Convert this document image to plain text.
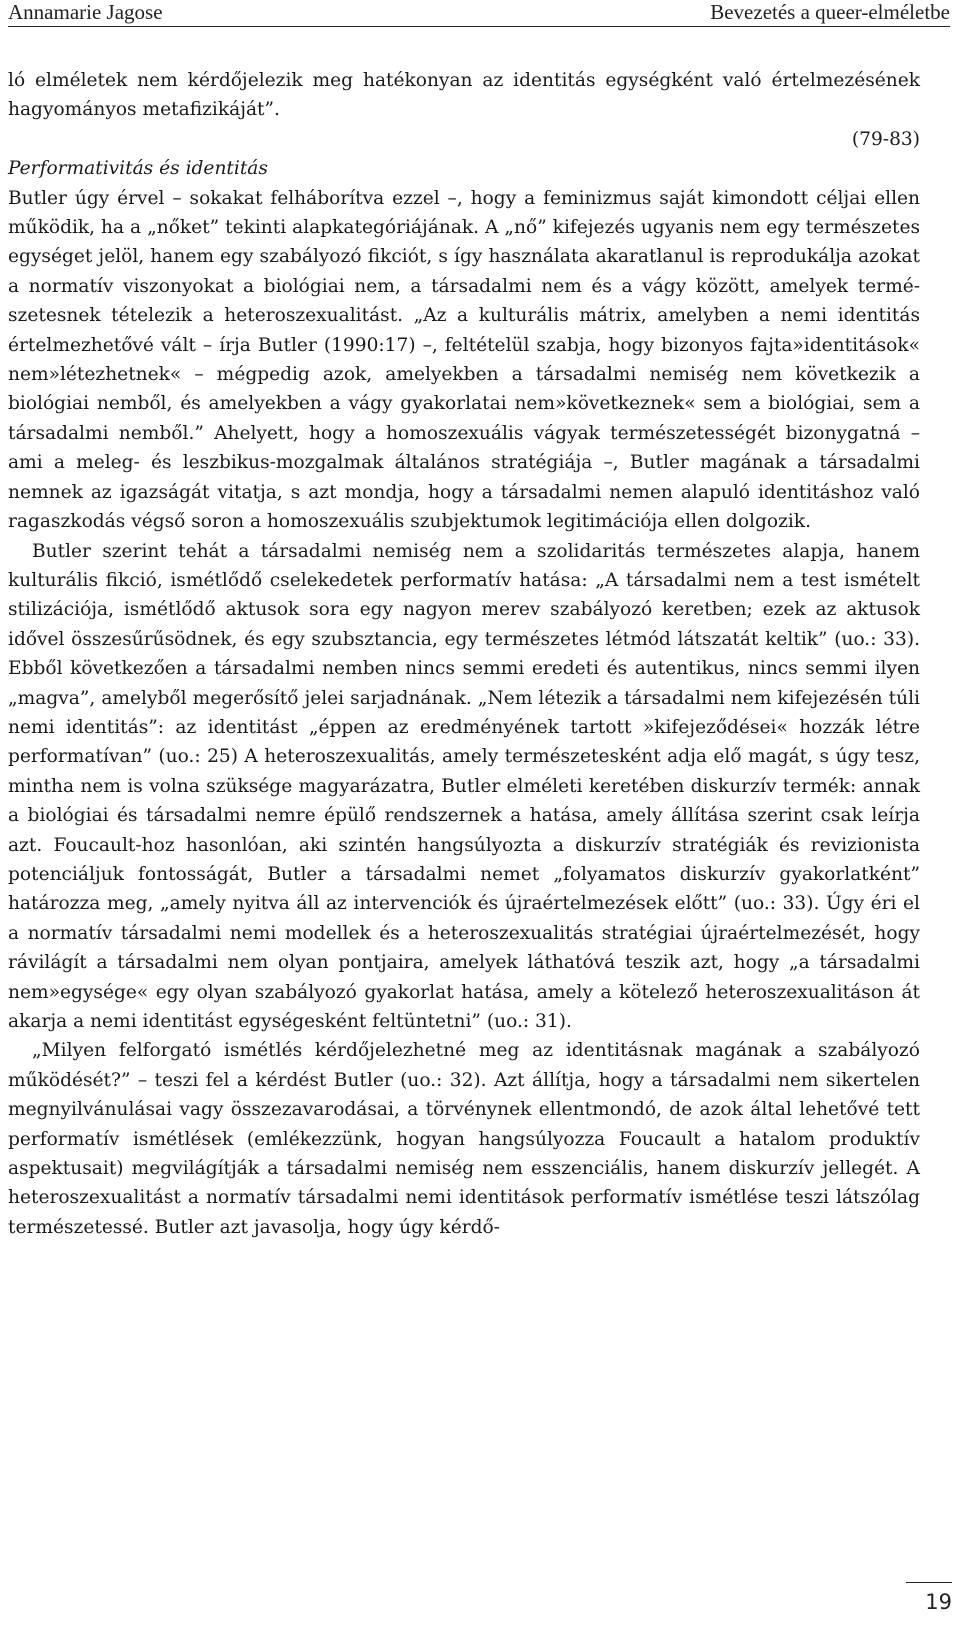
Annamarie Jagose	Bevezetés a queer-elméletbe

ló elméletek nem kérdőjelezik meg hatékonyan az identitás egységként való értelmezésének hagyományos metafizikáját”.

(79-83)

Performativitás és identitás

Butler úgy érvel – sokakat felháborítva ezzel –, hogy a feminizmus saját kimondott céljai ellen működik, ha a „nőket” tekinti alapkategóriájának. A „nő” kifejezés ugyanis nem egy természetes egységet jelöl, hanem egy szabályozó fikciót, s így használata akaratlanul is reprodukálja azokat a normatív viszonyokat a biológiai nem, a társadalmi nem és a vágy között, amelyek természetesnek tételezik a heteroszexualitást. „Az a kulturális mátrix, amelyben a nemi identitás értelmezhetővé vált – írja Butler (1990:17) –, feltételül szabja, hogy bizonyos fajta»identitások« nem»létezhetnek« – mégpedig azok, amelyekben a társadalmi nemiség nem következik a biológiai nemből, és amelyekben a vágy gyakorlatai nem»következnek« sem a biológiai, sem a társadalmi nemből.” Ahelyett, hogy a homoszexuális vágyak természetességét bizonygatná – ami a meleg- és leszbikus-mozgalmak általános stratégiája –, Butler magának a társadalmi nemnek az igazságát vitatja, s azt mondja, hogy a társadalmi nemen alapuló identitáshoz való ragaszkodás végső soron a homoszexuális szubjektumok legitimációja ellen dolgozik.

Butler szerint tehát a társadalmi nemiség nem a szolidaritás természetes alapja, hanem kulturális fikció, ismétlődő cselekedetek performatív hatása: „A társadalmi nem a test ismételt stilizációja, ismétlődő aktusok sora egy nagyon merev szabályozó keretben; ezek az aktusok idővel összesűrűsödnek, és egy szubsztancia, egy természetes létmód látszatát keltik” (uo.: 33). Ebből következően a társadalmi nemben nincs semmi eredeti és autentikus, nincs semmi ilyen „magva”, amelyből megerősítő jelei sarjadnának. „Nem létezik a társadalmi nem kifejezésén túli nemi identitás”: az identitást „éppen az eredményének tartott »kifejeződései« hozzák létre performatívan” (uo.: 25) A heteroszexualitás, amely természetesként adja elő magát, s úgy tesz, mintha nem is volna szüksége magyarázatra, Butler elméleti keretében diskurzív termék: annak a biológiai és társadalmi nemre épülő rendszernek a hatása, amely állítása szerint csak leírja azt. Foucault-hoz hasonlóan, aki szintén hangsúlyozta a diskurzív stratégiák és revizionista potenciáljuk fontosságát, Butler a társadalmi nemet „folyamatos diskurzív gyakorlatként” határozza meg, „amely nyitva áll az intervenciók és újraértelmezések előtt” (uo.: 33). Úgy éri el a normatív társadalmi nemi modellek és a heteroszexualitás stratégiai újraértelmezését, hogy rávilágít a társadalmi nem olyan pontjaira, amelyek láthatóvá teszik azt, hogy „a társadalmi nem»egysége« egy olyan szabályozó gyakorlat hatása, amely a kötelező heteroszexualitáson át akarja a nemi identitást egységesként feltüntetni” (uo.: 31).

„Milyen felforgató ismétlés kérdőjelezhetné meg az identitásnak magának a szabályozó működését?” – teszi fel a kérdést Butler (uo.: 32). Azt állítja, hogy a társadalmi nem sikertelen megnyilvánulásai vagy összezavarodásai, a törvénynek ellentmondó, de azok által lehetővé tett performatív ismétlések (emlékezzünk, hogyan hangsúlyozza Foucault a hatalom produktív aspektusait) megvilágítják a társadalmi nemiség nem esszenciális, hanem diskurzív jellegét. A heteroszexualitást a normatív társadalmi nemi identitások performatív ismétlése teszi látszólag természetessé. Butler azt javasolja, hogy úgy kérdő-

19
